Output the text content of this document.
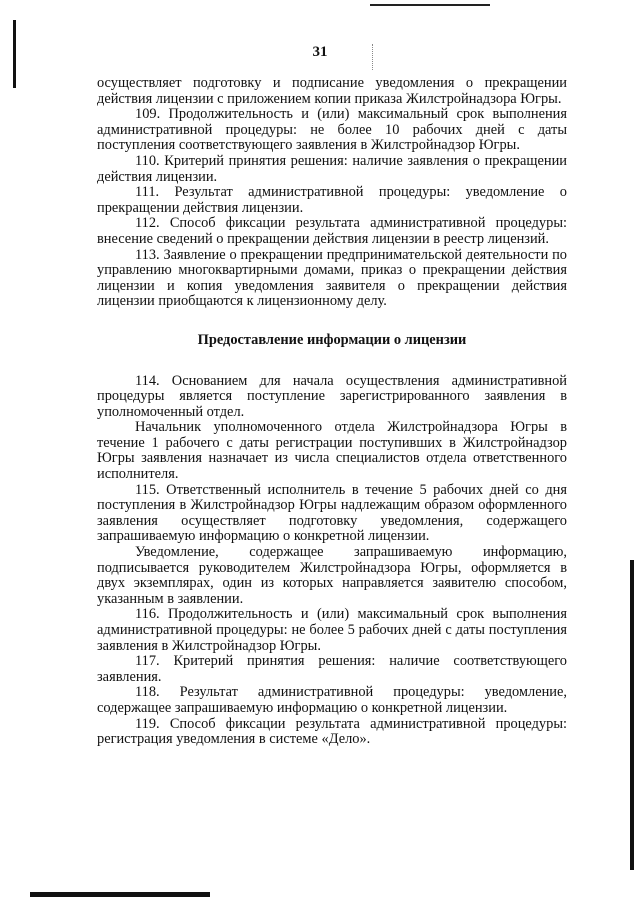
31

осуществляет подготовку и подписание уведомления о прекращении действия лицензии с приложением копии приказа Жилстройнадзора Югры.

109. Продолжительность и (или) максимальный срок выполнения административной процедуры: не более 10 рабочих дней с даты поступления соответствующего заявления в Жилстройнадзор Югры.

110. Критерий принятия решения: наличие заявления о прекращении действия лицензии.

111. Результат административной процедуры: уведомление о прекращении действия лицензии.

112. Способ фиксации результата административной процедуры: внесение сведений о прекращении действия лицензии в реестр лицензий.

113. Заявление о прекращении предпринимательской деятельности по управлению многоквартирными домами, приказ о прекращении действия лицензии и копия уведомления заявителя о прекращении действия лицензии приобщаются к лицензионному делу.

Предоставление информации о лицензии

114. Основанием для начала осуществления административной процедуры является поступление зарегистрированного заявления в уполномоченный отдел.

Начальник уполномоченного отдела Жилстройнадзора Югры в течение 1 рабочего с даты регистрации поступивших в Жилстройнадзор Югры заявления назначает из числа специалистов отдела ответственного исполнителя.

115. Ответственный исполнитель в течение 5 рабочих дней со дня поступления в Жилстройнадзор Югры надлежащим образом оформленного заявления осуществляет подготовку уведомления, содержащего запрашиваемую информацию о конкретной лицензии.

Уведомление, содержащее запрашиваемую информацию, подписывается руководителем Жилстройнадзора Югры, оформляется в двух экземплярах, один из которых направляется заявителю способом, указанным в заявлении.

116. Продолжительность и (или) максимальный срок выполнения административной процедуры: не более 5 рабочих дней с даты поступления заявления в Жилстройнадзор Югры.

117. Критерий принятия решения: наличие соответствующего заявления.

118. Результат административной процедуры: уведомление, содержащее запрашиваемую информацию о конкретной лицензии.

119. Способ фиксации результата административной процедуры: регистрация уведомления в системе «Дело».
